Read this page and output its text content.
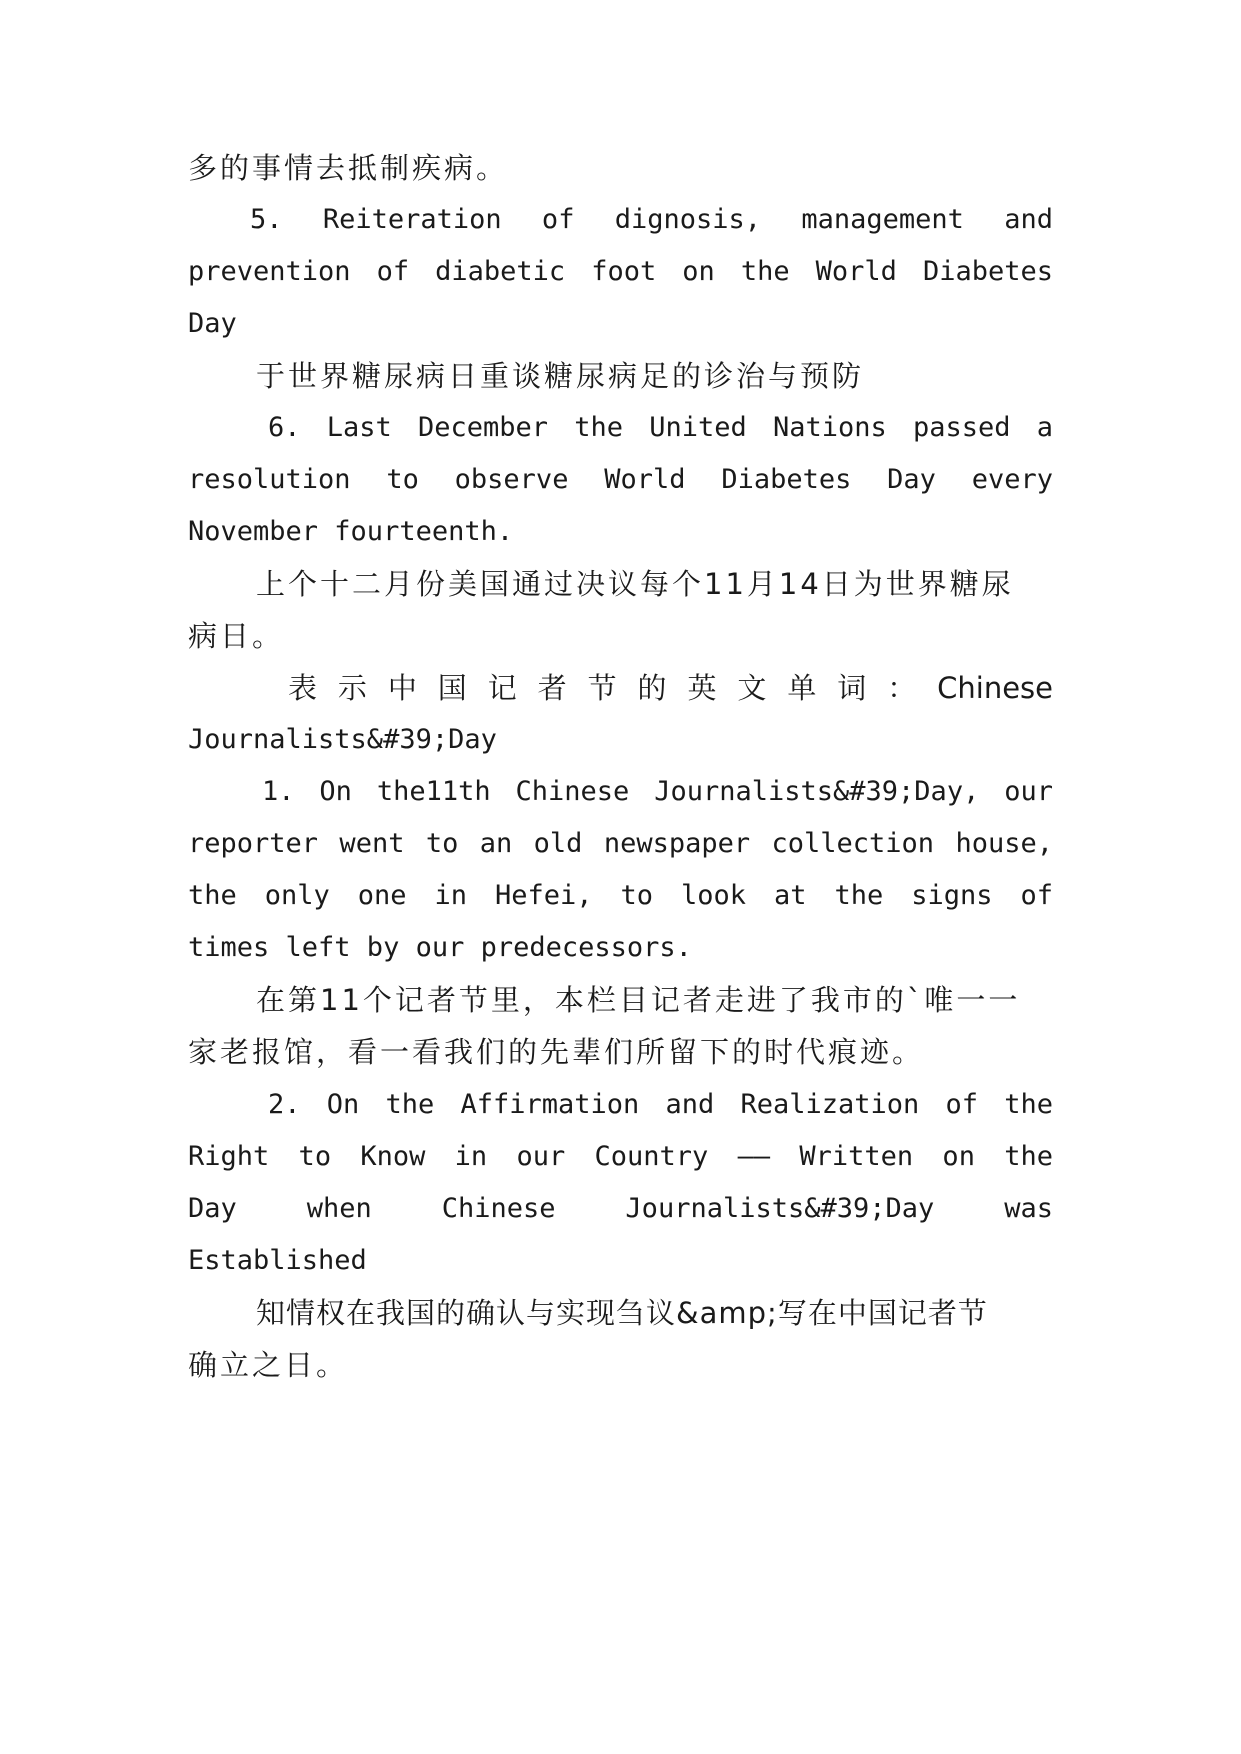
多的事情去抵制疾病。

5. Reiteration of dignosis, management and

prevention of diabetic foot on the World Diabetes

Day

于世界糖尿病日重谈糖尿病足的诊治与预防

6. Last December the United Nations passed a

resolution to observe World Diabetes Day every

November fourteenth.

上个十二月份美国通过决议每个11月14日为世界糖尿

病日。

表示中国记者节的英文单词：Chinese

Journalists&#39;Day

1. On the11th Chinese Journalists&#39;Day, our

reporter went to an old newspaper collection house,

the only one in Hefei, to look at the signs of

times left by our predecessors.

在第11个记者节里，本栏目记者走进了我市的`唯一一

家老报馆，看一看我们的先辈们所留下的时代痕迹。

2. On the Affirmation and Realization of the

Right to Know in our Country —— Written on the

Day when Chinese Journalists&#39;Day was

Established

知情权在我国的确认与实现刍议&amp;写在中国记者节

确立之日。
